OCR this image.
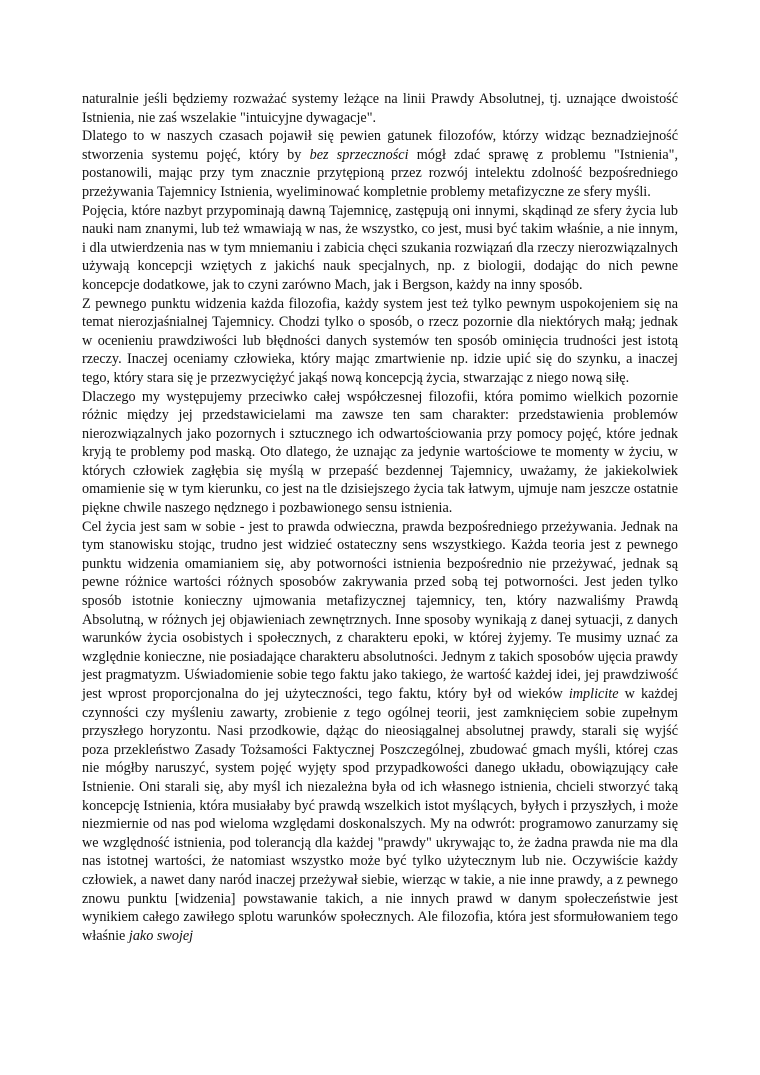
naturalnie jeśli będziemy rozważać systemy leżące na linii Prawdy Absolutnej, tj. uznające dwoistość Istnienia, nie zaś wszelakie "intuicyjne dywagacje".

Dlatego to w naszych czasach pojawił się pewien gatunek filozofów, którzy widząc beznadziejność stworzenia systemu pojęć, który by bez sprzeczności mógł zdać sprawę z problemu "Istnienia", postanowili, mając przy tym znacznie przytępioną przez rozwój intelektu zdolność bezpośredniego przeżywania Tajemnicy Istnienia, wyeliminować kompletnie problemy metafizyczne ze sfery myśli.

Pojęcia, które nazbyt przypominają dawną Tajemnicę, zastępują oni innymi, skądinąd ze sfery życia lub nauki nam znanymi, lub też wmawiają w nas, że wszystko, co jest, musi być takim właśnie, a nie innym, i dla utwierdzenia nas w tym mniemaniu i zabicia chęci szukania rozwiązań dla rzeczy nierozwiązalnych używają koncepcji wziętych z jakichś nauk specjalnych, np. z biologii, dodając do nich pewne koncepcje dodatkowe, jak to czyni zarówno Mach, jak i Bergson, każdy na inny sposób.

Z pewnego punktu widzenia każda filozofia, każdy system jest też tylko pewnym uspokojeniem się na temat nierozjaśnialnej Tajemnicy. Chodzi tylko o sposób, o rzecz pozornie dla niektórych małą; jednak w ocenieniu prawdziwości lub błędności danych systemów ten sposób ominięcia trudności jest istotą rzeczy. Inaczej oceniamy człowieka, który mając zmartwienie np. idzie upić się do szynku, a inaczej tego, który stara się je przezwyciężyć jakąś nową koncepcją życia, stwarzając z niego nową siłę.

Dlaczego my występujemy przeciwko całej współczesnej filozofii, która pomimo wielkich pozornie różnic między jej przedstawicielami ma zawsze ten sam charakter: przedstawienia problemów nierozwiązalnych jako pozornych i sztucznego ich odwartościowania przy pomocy pojęć, które jednak kryją te problemy pod maską. Oto dlatego, że uznając za jedynie wartościowe te momenty w życiu, w których człowiek zagłębia się myślą w przepaść bezdennej Tajemnicy, uważamy, że jakiekolwiek omamienie się w tym kierunku, co jest na tle dzisiejszego życia tak łatwym, ujmuje nam jeszcze ostatnie piękne chwile naszego nędznego i pozbawionego sensu istnienia.

Cel życia jest sam w sobie - jest to prawda odwieczna, prawda bezpośredniego przeżywania. Jednak na tym stanowisku stojąc, trudno jest widzieć ostateczny sens wszystkiego. Każda teoria jest z pewnego punktu widzenia omamianiem się, aby potworności istnienia bezpośrednio nie przeżywać, jednak są pewne różnice wartości różnych sposobów zakrywania przed sobą tej potworności. Jest jeden tylko sposób istotnie konieczny ujmowania metafizycznej tajemnicy, ten, który nazwaliśmy Prawdą Absolutną, w różnych jej objawieniach zewnętrznych. Inne sposoby wynikają z danej sytuacji, z danych warunków życia osobistych i społecznych, z charakteru epoki, w której żyjemy. Te musimy uznać za względnie konieczne, nie posiadające charakteru absolutności. Jednym z takich sposobów ujęcia prawdy jest pragmatyzm. Uświadomienie sobie tego faktu jako takiego, że wartość każdej idei, jej prawdziwość jest wprost proporcjonalna do jej użyteczności, tego faktu, który był od wieków implicite w każdej czynności czy myśleniu zawarty, zrobienie z tego ogólnej teorii, jest zamknięciem sobie zupełnym przyszłego horyzontu. Nasi przodkowie, dążąc do nieosiągalnej absolutnej prawdy, starali się wyjść poza przekleństwo Zasady Tożsamości Faktycznej Poszczególnej, zbudować gmach myśli, której czas nie mógłby naruszyć, system pojęć wyjęty spod przypadkowości danego układu, obowiązujący całe Istnienie. Oni starali się, aby myśl ich niezależna była od ich własnego istnienia, chcieli stworzyć taką koncepcję Istnienia, która musiałaby być prawdą wszelkich istot myślących, byłych i przyszłych, i może niezmiernie od nas pod wieloma względami doskonalszych. My na odwrót: programowo zanurzamy się we względność istnienia, pod tolerancją dla każdej "prawdy" ukrywając to, że żadna prawda nie ma dla nas istotnej wartości, że natomiast wszystko może być tylko użytecznym lub nie. Oczywiście każdy człowiek, a nawet dany naród inaczej przeżywał siebie, wierząc w takie, a nie inne prawdy, a z pewnego znowu punktu [widzenia] powstawanie takich, a nie innych prawd w danym społeczeństwie jest wynikiem całego zawiłego splotu warunków społecznych. Ale filozofia, która jest sformułowaniem tego właśnie jako swojej
